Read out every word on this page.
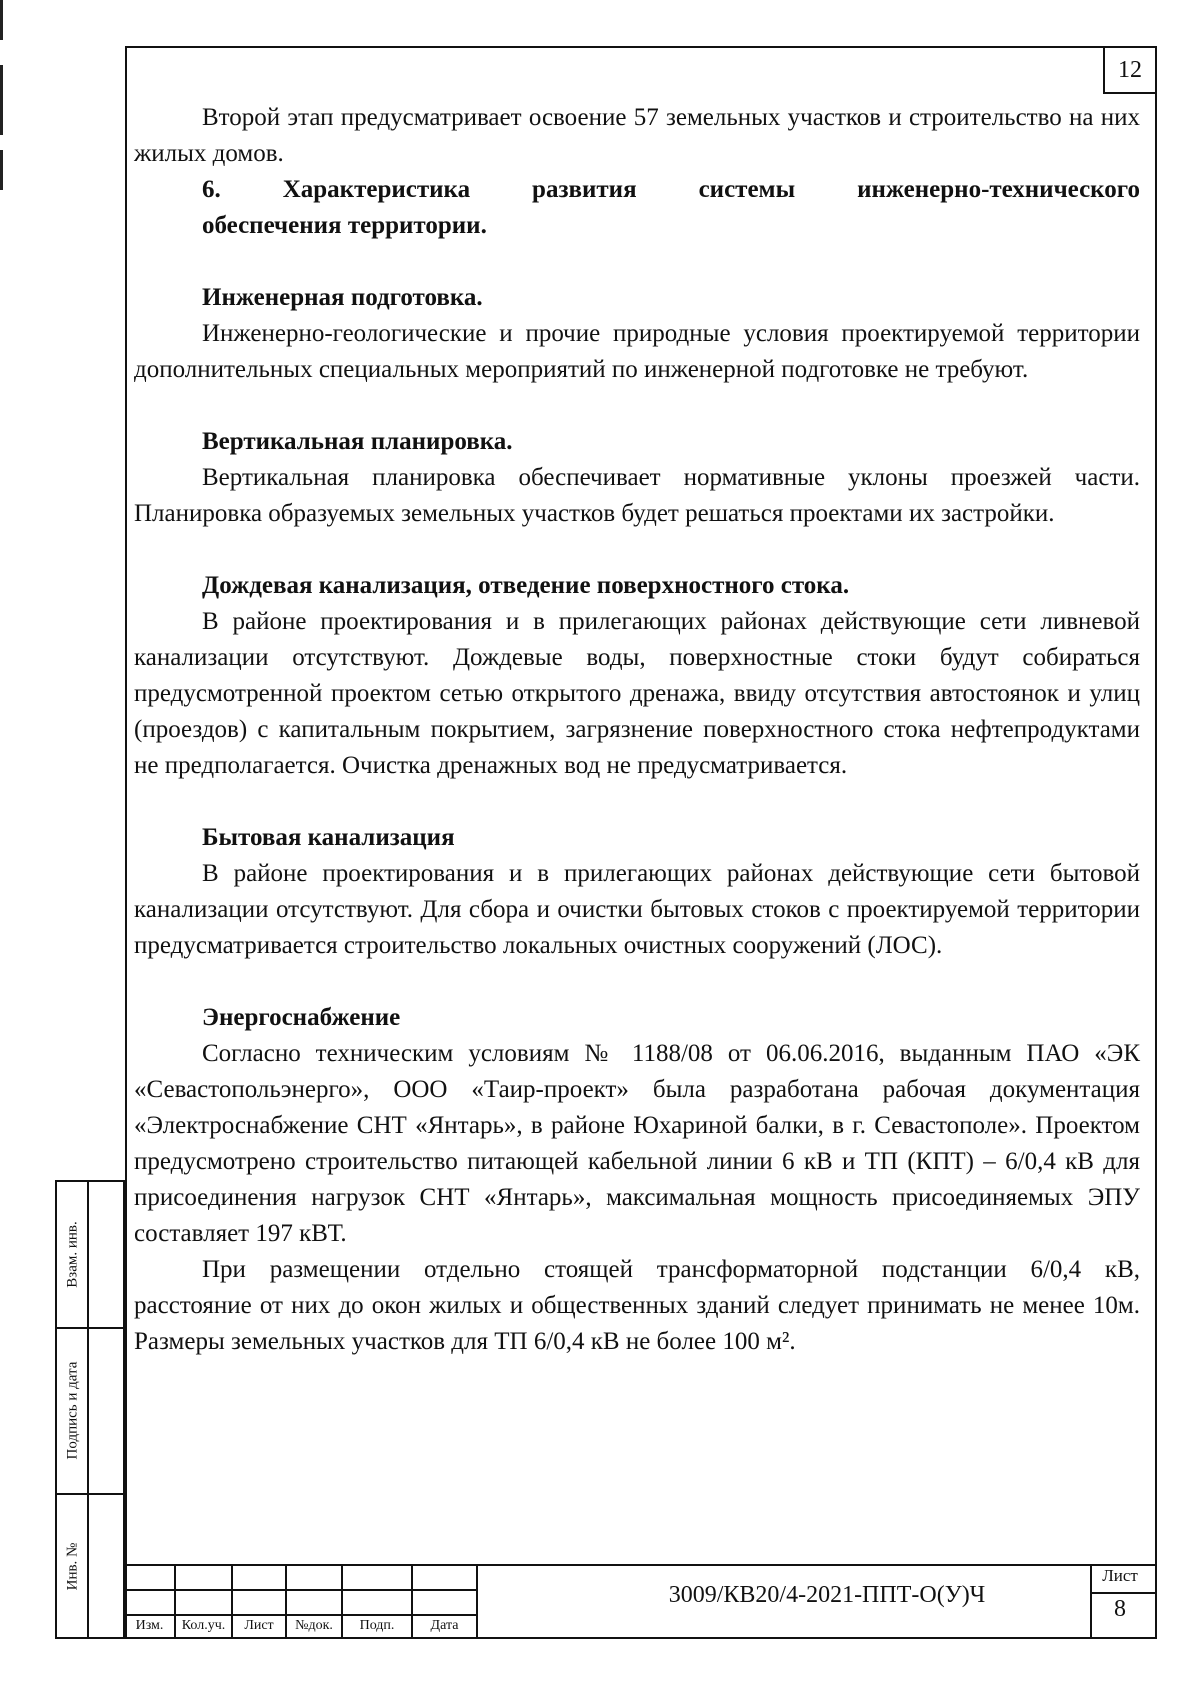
12

Второй этап предусматривает освоение 57 земельных участков и строительство на них жилых домов.

6. Характеристика развития системы инженерно-технического

обеспечения территории.

Инженерная подготовка.

Инженерно-геологические и прочие природные условия проектируемой территории дополнительных специальных мероприятий по инженерной подготовке не требуют.

Вертикальная планировка.

Вертикальная планировка обеспечивает нормативные уклоны проезжей части. Планировка образуемых земельных участков будет решаться проектами их застройки.

Дождевая канализация, отведение поверхностного стока.

В районе проектирования и в прилегающих районах действующие сети ливневой канализации отсутствуют. Дождевые воды, поверхностные стоки будут собираться предусмотренной проектом сетью открытого дренажа, ввиду отсутствия автостоянок и улиц (проездов) с капитальным покрытием, загрязнение поверхностного стока нефтепродуктами не предполагается. Очистка дренажных вод не предусматривается.

Бытовая канализация

В районе проектирования и в прилегающих районах действующие сети бытовой канализации отсутствуют. Для сбора и очистки бытовых стоков с проектируемой территории предусматривается строительство локальных очистных сооружений (ЛОС).

Энергоснабжение

Согласно техническим условиям № 1188/08 от 06.06.2016, выданным ПАО «ЭК «Севастопольэнерго», ООО «Таир-проект» была разработана рабочая документация «Электроснабжение СНТ «Янтарь», в районе Юхариной балки, в г. Севастополе». Проектом предусмотрено строительство питающей кабельной линии 6 кВ и ТП (КПТ) – 6/0,4 кВ для присоединения нагрузок СНТ «Янтарь», максимальная мощность присоединяемых ЭПУ составляет 197 кВТ.

При размещении отдельно стоящей трансформаторной подстанции 6/0,4 кВ, расстояние от них до окон жилых и общественных зданий следует принимать не менее 10м. Размеры земельных участков для ТП 6/0,4 кВ не более 100 м².

Взам. инв.
Подпись и дата
Инв. №
Изм.	Кол.уч.	Лист	№док.	Подп.	Дата
3009/КВ20/4-2021-ППТ-О(У)Ч
Лист
8
